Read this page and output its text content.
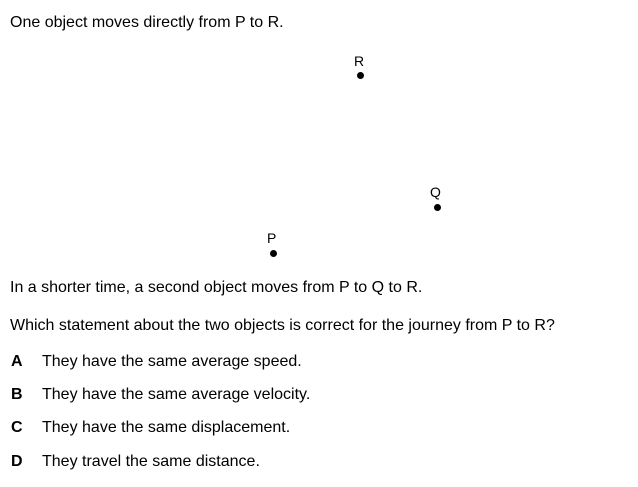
One object moves directly from P to R.
R
Q
P
In a shorter time, a second object moves from P to Q to R.
Which statement about the two objects is correct for the journey from P to R?
A They have the same average speed.
B They have the same average velocity.
C They have the same displacement.
D They travel the same distance.
